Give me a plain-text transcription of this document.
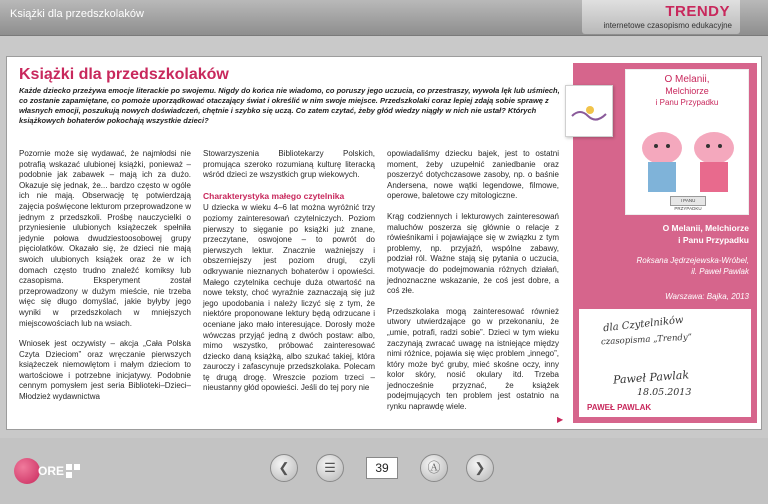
Książki dla przedszkolaków	TRENDY
internetowe czasopismo edukacyjne
Książki dla przedszkolaków
Każde dziecko przeżywa emocje literackie po swojemu. Nigdy do końca nie wiadomo, co poruszy jego uczucia, co przestraszy, wywoła lęk lub uśmiech, co zostanie zapamiętane, co pomoże uporządkować otaczający świat i określić w nim swoje miejsce. Przedszkolaki coraz lepiej zdają sobie sprawę z własnych emocji, poszukują nowych doświadczeń, chętnie i szybko się uczą. Co zatem czytać, żeby głód wiedzy niągły w nich nie ustał? Których książkowych bohaterów pokochają wszystkie dzieci?

Pozornie może się wydawać, że najmłodsi nie potrafią wskazać ulubionej książki, ponieważ – podobnie jak zabawek – mają ich za dużo. Okazuje się jednak, że... bardzo często w ogóle ich nie mają. Obserwację tę potwierdzają zajęcia poświęcone lekturom przeprowadzone w jednym z przedszkoli. Prośbę nauczycielki o przyniesienie ulubionych książeczek spełniła jedynie połowa dwudziestoosobowej grupy pięciolatków. Okazało się, że dzieci nie mają swoich ulubionych książek oraz że w ich domach często trudno znaleźć komiksy lub czasopisma. Eksperyment został przeprowadzony w dużym mieście, nie trzeba więc się długo domyślać, jakie byłyby jego wyniki w przedszkolach w mniejszych miejscowościach lub na wsiach.

Wniosek jest oczywisty – akcja „Cała Polska Czyta Dzieciom” oraz wręczanie pierwszych książeczek niemowlętom i małym dzieciom to wartościowe i potrzebne inicjatywy. Podobnie cennym pomysłem jest seria Biblioteki–Dzieci–Młodzież wydawnictwa

Stowarzyszenia Bibliotekarzy Polskich, promująca szeroko rozumianą kulturę literacką wśród dzieci ze wszystkich grup wiekowych.

Charakterystyka małego czytelnika

U dziecka w wieku 4–6 lat można wyróżnić trzy poziomy zainteresowań czytelniczych. Poziom pierwszy to sięganie po książki już znane, przeczytane, oswojone – to powrót do pierwszych lektur. Znacznie ważniejszy i obszerniejszy jest poziom drugi, czyli odkrywanie nieznanych bohaterów i opowieści. Małego czytelnika cechuje duża otwartość na nowe teksty, choć wyraźnie zaznaczają się już jego upodobania i należy liczyć się z tym, że niektóre proponowane lektury będą odrzucane i oceniane jako mało interesujące. Dorosły może wówczas przyjąć jedną z dwóch postaw: albo, mimo wszystko, próbować zainteresować dziecko daną książką, albo szukać takiej, która zauroczy i zafascynuje przedszkolaka. Polecam tę drugą drogę. Wreszcie poziom trzeci – nieustanny głód opowieści. Jeśli do tej pory nie

opowiadaliśmy dziecku bajek, jest to ostatni moment, żeby uzupełnić zaniedbanie oraz poszerzyć dotychczasowe zasoby, np. o baśnie Andersena, nowe wątki legendowe, filmowe, operowe, baletowe czy mitologiczne.

Krąg codziennych i lekturowych zainteresowań maluchów poszerza się głównie o relacje z rówieśnikami i pojawiające się w związku z tym problemy, np. przyjaźń, wspólne zabawy, podział ról. Ważne stają się pytania o uczucia, motywacje do podejmowania różnych działań, jednoznaczne wskazanie, że coś jest dobre, a coś złe.

Przedszkolaka mogą zainteresować również utwory utwierdzające go w przekonaniu, że „umie, potrafi, radzi sobie”. Dzieci w tym wieku zaczynają zwracać uwagę na istniejące między nimi różnice, pojawia się więc problem „innego”, który może być gruby, mieć skośne oczy, inny kolor skóry, nosić okulary itd. Trzeba jednocześnie przyznać, że książek podejmujących ten problem jest ostatnio na rynku naprawdę wiele.

▶
O Melanii,
Melchiorze
i Panu Przypadku
I PANU PRZYPADKU
O Melanii, Melchiorze
i Panu Przypadku
Roksana Jędrzejewska-Wróbel,
il. Paweł Pawlak
Warszawa: Bajka, 2013
dla Czytelników
czasopisma „Trendy”
Paweł Pawlak
18.05.2013
PAWEŁ PAWLAK
ORE	❮	☰	39	Ⓐ	❯
